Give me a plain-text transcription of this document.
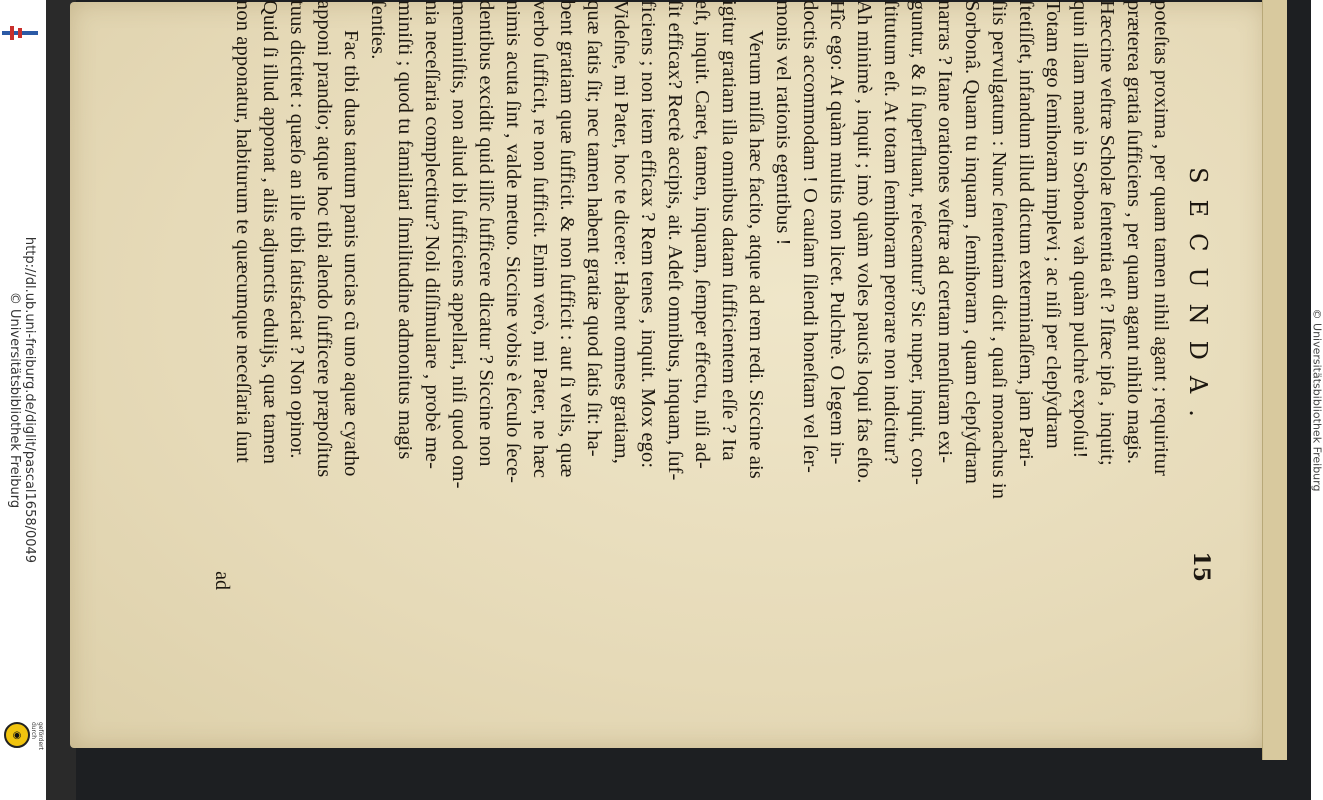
http://dl.ub.uni-freiburg.de/diglit/pascal1658/0049
© Universitätsbibliothek Freiburg
◉	gefördert durch
SECUNDA.
15
poteſtas proxima , per quam tamen nihil agant ; requiritur
præterea gratia ſufficiens , per quam agant nihilo magis.
Hæccine veſtræ Scholæ ſententia eſt ? Iſtæc ipſa , inquit;
quin illam manè in Sorbona vah quàm pulchrè expoſui!
Totam ego ſemihoram implevi ; ac niſi per clepſydram
ſtetiſſet, infandum illud dictum exterminaſſem, jam Pari-
ſiis pervulgatum : Nunc ſententiam dicit , quaſi monachus in
Sorbonâ. Quam tu inquam , ſemihoram , quam clepſydram
narras ? Itane orationes veſtræ ad certam menſuram exi-
guntur, & ſi ſuperfluant, reſecantur? Sic nuper, inquit, con-
ſtitutum eſt. At totam ſemihoram perorare non indicitur?
Ah minimè , inquit ; imò quàm voles paucis loqui fas eſto.
Hîc ego: At quàm multis non licet. Pulchrè. O legem in-
doctis accommodam ! O cauſam ſilendi honeſtam vel ſer-
monis vel rationis egentibus !
Verum miſſa hæc facito, atque ad rem redi. Siccine ais
igitur gratiam illa omnibus datam ſufficientem eſſe ? Ita
eſt, inquit. Caret, tamen, inquam, ſemper effectu, niſi ad-
ſit efficax? Rectè accipis, ait. Adeſt omnibus, inquam, ſuf-
ficiens ; non item efficax ? Rem tenes , inquit. Mox ego:
Videſne, mi Pater, hoc te dicere: Habent omnes gratiam,
quæ ſatis ſit; nec tamen habent gratiæ quod ſatis ſit: ha-
bent gratiam quæ ſufficit. & non ſufficit : aut ſi velis, quæ
verbo ſufficit, re non ſufficit. Enim verò, mi Pater, ne hæc
nimis acuta ſint , valde metuo. Siccine vobis è ſeculo ſece-
dentibus excidit quid illîc ſufficere dicatur ? Siccine non
meminiſtis, non aliud ibi ſufficiens appellari, niſi quod om-
nia neceſſaria complectitur? Noli diſſimulare , probè me-
miniſti ; quod tu familiari ſimilitudine admonitus magis
ſenties.
Fac tibi duas tantum panis uncias cũ uno aquæ cyatho
apponi prandio; atque hoc tibi alendo ſufficere præpoſitus
tuus dictitet : quæſo an ille tibi ſatisfaciat ? Non opinor.
Quid ſi illud apponat , aliis adjunctis edulijs, quæ tamen
non apponatur, habiturum te quæcumque neceſſaria ſunt
ad
© Universitätsbibliothek Freiburg
